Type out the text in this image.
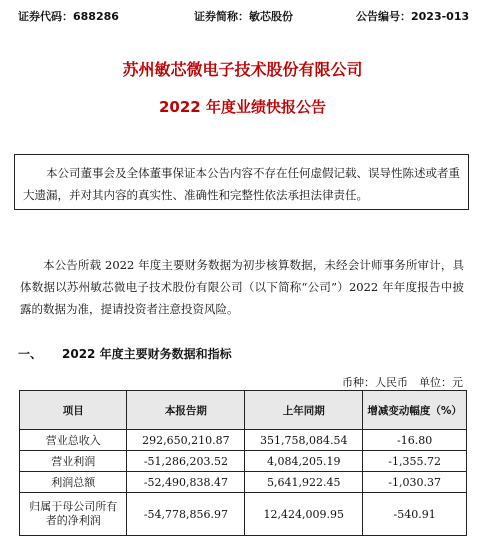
证券代码：688286	证券简称：敏芯股份	公告编号：2023-013
苏州敏芯微电子技术股份有限公司
2022 年度业绩快报公告
本公司董事会及全体董事保证本公告内容不存在任何虚假记载、误导性陈述或者重大遗漏，并对其内容的真实性、准确性和完整性依法承担法律责任。
本公告所载 2022 年度主要财务数据为初步核算数据，未经会计师事务所审计，具体数据以苏州敏芯微电子技术股份有限公司（以下简称“公司”）2022 年年度报告中披露的数据为准，提请投资者注意投资风险。
一、 2022 年度主要财务数据和指标
币种：人民币　单位：元
项目	本报告期	上年同期	增减变动幅度（%）
营业总收入	292,650,210.87	351,758,084.54	-16.80
营业利润	-51,286,203.52	4,084,205.19	-1,355.72
利润总额	-52,490,838.47	5,641,922.45	-1,030.37
归属于母公司所有者的净利润	-54,778,856.97	12,424,009.95	-540.91
